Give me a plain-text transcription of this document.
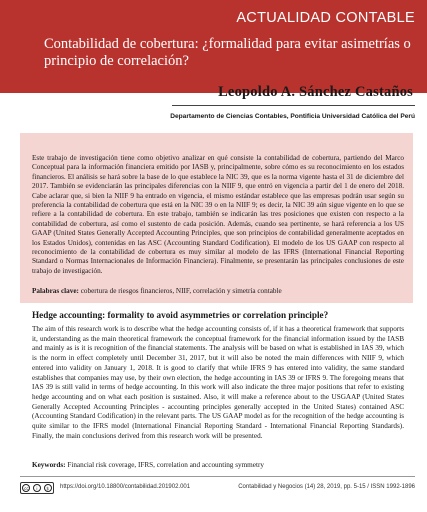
ACTUALIDAD CONTABLE
Contabilidad de cobertura: ¿formalidad para evitar asimetrías o principio de correlación?
Leopoldo A. Sánchez Castaños
Departamento de Ciencias Contables, Pontificia Universidad Católica del Perú

Este trabajo de investigación tiene como objetivo analizar en qué consiste la contabilidad de cobertura, partiendo del Marco Conceptual para la información financiera emitido por IASB y, principalmente, sobre cómo es su reconocimiento en los estados financieros. El análisis se hará sobre la base de lo que establece la NIC 39, que es la norma vigente hasta el 31 de diciembre del 2017. También se evidenciarán las principales diferencias con la NIIF 9, que entró en vigencia a partir del 1 de enero del 2018. Cabe aclarar que, si bien la NIIF 9 ha entrado en vigencia, el mismo estándar establece que las empresas podrán usar según su preferencia la contabilidad de cobertura que está en la NIC 39 o en la NIIF 9; es decir, la NIC 39 aún sigue vigente en lo que se refiere a la contabilidad de cobertura. En este trabajo, también se indicarán las tres posiciones que existen con respecto a la contabilidad de cobertura, así como el sustento de cada posición. Además, cuando sea pertinente, se hará referencia a los US GAAP (United States Generally Accepted Accounting Principles, que son principios de contabilidad generalmente aceptados en los Estados Unidos), contenidas en las ASC (Accounting Standard Codification). El modelo de los US GAAP con respecto al reconocimiento de la contabilidad de cobertura es muy similar al modelo de las IFRS (International Financial Reporting Standard o Normas Internacionales de Información Financiera). Finalmente, se presentarán las principales conclusiones de este trabajo de investigación.

Palabras clave: cobertura de riesgos financieros, NIIF, correlación y simetría contable

Hedge accounting: formality to avoid asymmetries or correlation principle?

The aim of this research work is to describe what the hedge accounting consists of, if it has a theoretical framework that supports it, understanding as the main theoretical framework the conceptual framework for the financial information issued by the IASB and mainly as is it is recognition of the financial statements. The analysis will be based on what is established in IAS 39, which is the norm in effect completely until December 31, 2017, but it will also be noted the main differences with NIIF 9, which entered into validity on January 1, 2018. It is good to clarify that while IFRS 9 has entered into validity, the same standard establishes that companies may use, by their own election, the hedge accounting in IAS 39 or IFRS 9. The foregoing means that IAS 39 is still valid in terms of hedge accounting. In this work will also indicate the three major positions that refer to existing hedge accounting and on what each position is sustained. Also, it will make a reference about to the USGAAP (United States Generally Accepted Accounting Principles - accounting principles generally accepted in the United States) contained ASC (Accounting Standard Codification) in the relevant parts. The US GAAP model as for the recognition of the hedge accounting is quite similar to the IFRS model (International Financial Reporting Standard - International Financial Reporting Standards). Finally, the main conclusions derived from this research work will be presented.

Keywords: Financial risk coverage, IFRS, correlation and accounting symmetry

cc	i	$	https://doi.org/10.18800/contabilidad.201902.001	Contabilidad y Negocios (14) 28, 2019, pp. 5-15 / ISSN 1992-1896
